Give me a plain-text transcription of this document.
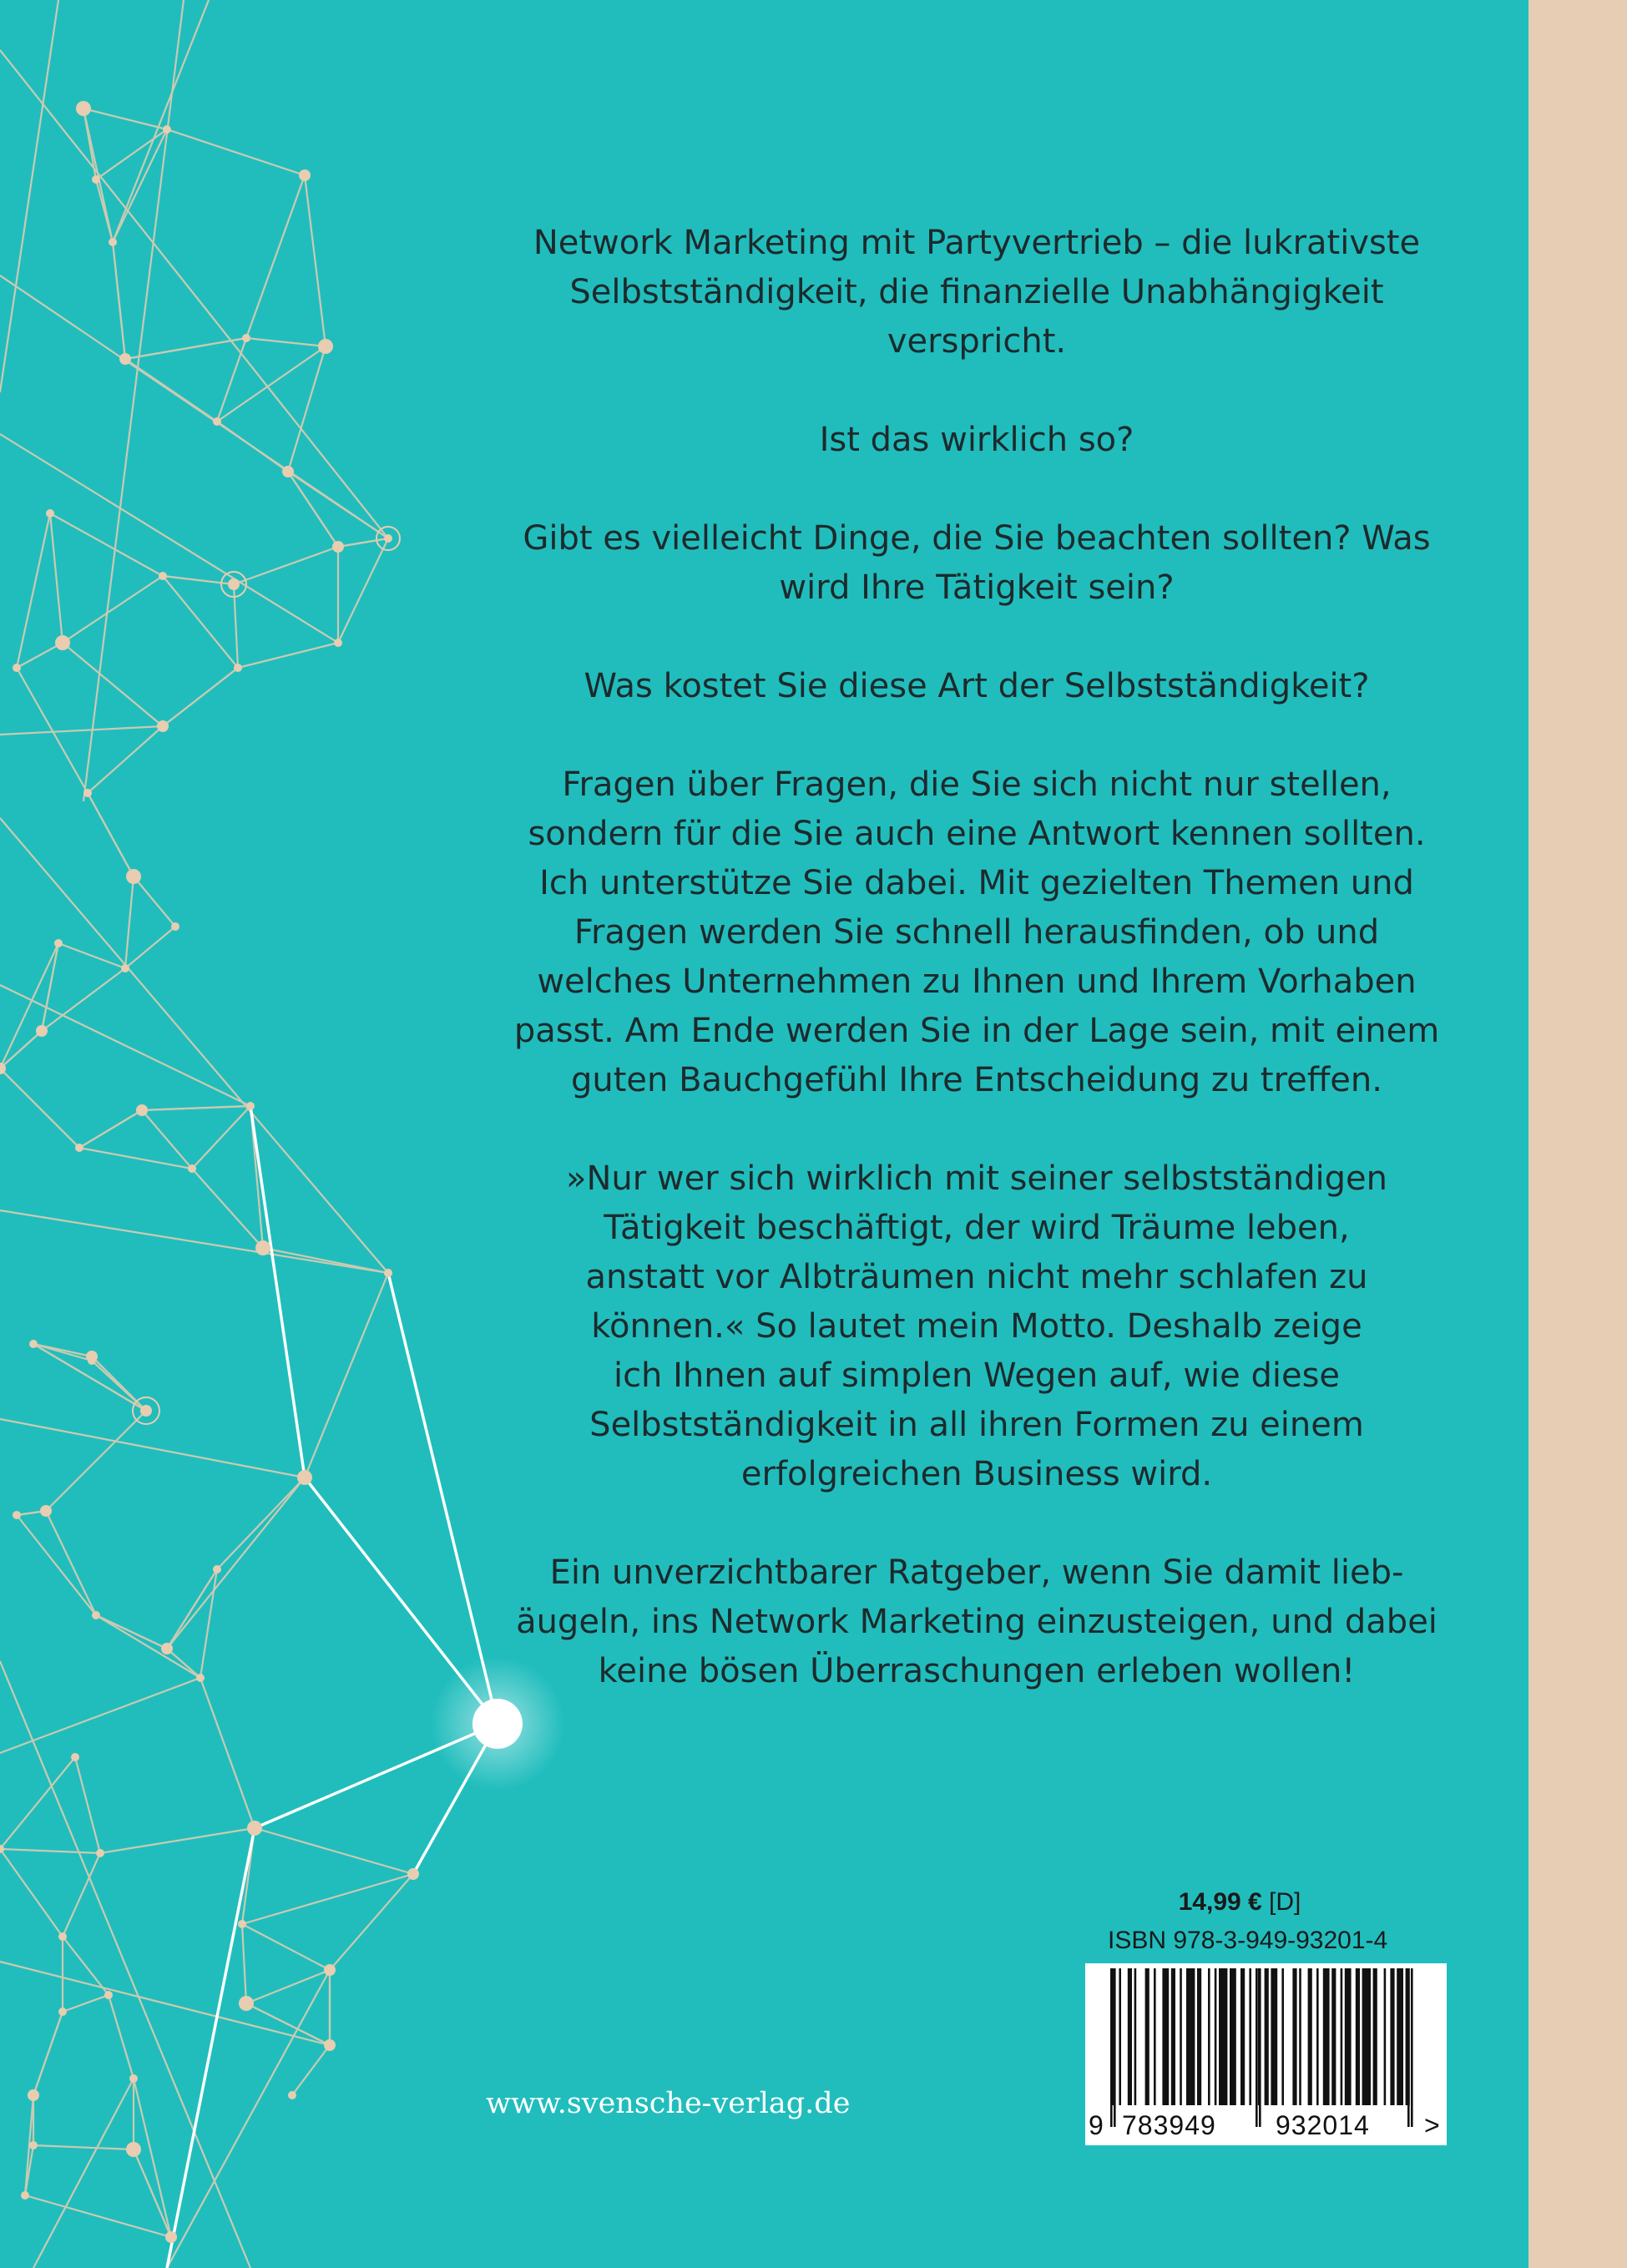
Network Marketing mit Partyvertrieb – die lukrativste
Selbstständigkeit, die finanzielle Unabhängigkeit
verspricht.

Ist das wirklich so?

Gibt es vielleicht Dinge, die Sie beachten sollten? Was
wird Ihre Tätigkeit sein?

Was kostet Sie diese Art der Selbstständigkeit?

Fragen über Fragen, die Sie sich nicht nur stellen,
sondern für die Sie auch eine Antwort kennen sollten.
Ich unterstütze Sie dabei. Mit gezielten Themen und
Fragen werden Sie schnell herausfinden, ob und
welches Unternehmen zu Ihnen und Ihrem Vorhaben
passt. Am Ende werden Sie in der Lage sein, mit einem
guten Bauchgefühl Ihre Entscheidung zu treffen.

»Nur wer sich wirklich mit seiner selbstständigen
Tätigkeit beschäftigt, der wird Träume leben,
anstatt vor Albträumen nicht mehr schlafen zu
können.« So lautet mein Motto. Deshalb zeige
ich Ihnen auf simplen Wegen auf, wie diese
Selbstständigkeit in all ihren Formen zu einem
erfolgreichen Business wird.

Ein unverzichtbarer Ratgeber, wenn Sie damit lieb-
äugeln, ins Network Marketing einzusteigen, und dabei
keine bösen Überraschungen erleben wollen!

www.svensche-verlag.de
14,99 € [D]
ISBN 978-3-949-93201-4
9 783949 932014 >
